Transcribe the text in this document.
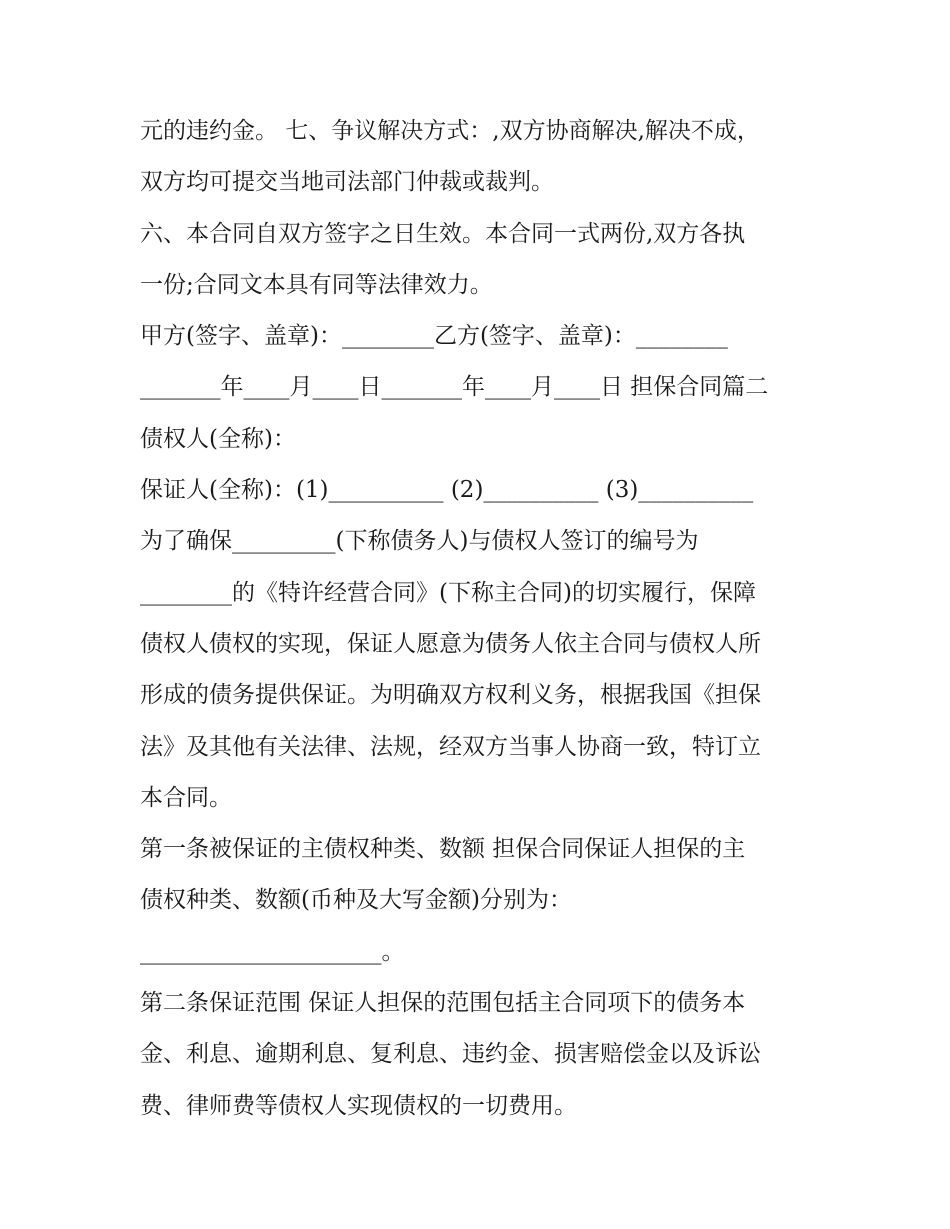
元的违约金。 七、争议解决方式：,双方协商解决,解决不成，
双方均可提交当地司法部门仲裁或裁判。
六、本合同自双方签字之日生效。本合同一式两份,双方各执
一份;合同文本具有同等法律效力。
甲方(签字、盖章)：________乙方(签字、盖章)：________
_______年____月____日_______年____月____日 担保合同篇二
债权人(全称)：
保证人(全称)：(1)__________ (2)__________ (3)__________
为了确保_________(下称债务人)与债权人签订的编号为
________的《特许经营合同》(下称主合同)的切实履行，保障
债权人债权的实现，保证人愿意为债务人依主合同与债权人所
形成的债务提供保证。为明确双方权利义务，根据我国《担保
法》及其他有关法律、法规，经双方当事人协商一致，特订立
本合同。
第一条被保证的主债权种类、数额 担保合同保证人担保的主
债权种类、数额(币种及大写金额)分别为：
_____________________。
第二条保证范围 保证人担保的范围包括主合同项下的债务本
金、利息、逾期利息、复利息、违约金、损害赔偿金以及诉讼
费、律师费等债权人实现债权的一切费用。
